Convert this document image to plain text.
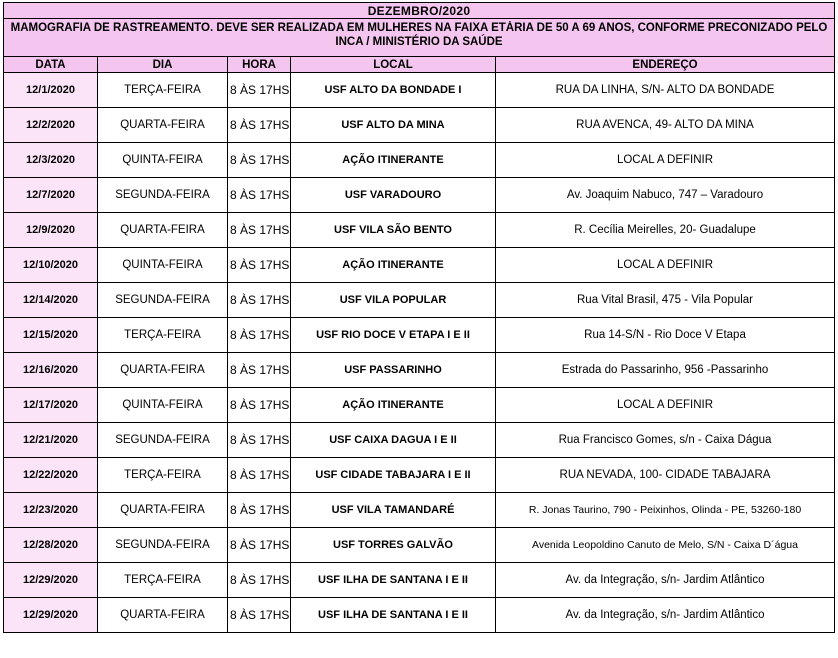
DEZEMBRO/2020				

MAMOGRAFIA DE RASTREAMENTO. DEVE SER REALIZADA EM MULHERES NA FAIXA ETÁRIA DE 50 A 69 ANOS, CONFORME PRECONIZADO PELO INCA / MINISTÉRIO DA SAÚDE				

DATA	DIA	HORA	LOCAL	ENDEREÇO
12/1/2020	TERÇA-FEIRA	8 ÀS 17HS	USF ALTO DA BONDADE I	RUA DA LINHA, S/N- ALTO DA BONDADE
12/2/2020	QUARTA-FEIRA	8 ÀS 17HS	USF ALTO DA MINA	RUA AVENCA, 49- ALTO DA MINA
12/3/2020	QUINTA-FEIRA	8 ÀS 17HS	AÇÃO ITINERANTE	LOCAL A DEFINIR
12/7/2020	SEGUNDA-FEIRA	8 ÀS 17HS	USF VARADOURO	Av. Joaquim Nabuco, 747 – Varadouro
12/9/2020	QUARTA-FEIRA	8 ÀS 17HS	USF VILA SÃO BENTO	R. Cecília Meirelles, 20- Guadalupe
12/10/2020	QUINTA-FEIRA	8 ÀS 17HS	AÇÃO ITINERANTE	LOCAL A DEFINIR
12/14/2020	SEGUNDA-FEIRA	8 ÀS 17HS	USF VILA POPULAR	Rua Vital Brasil, 475 - Vila Popular
12/15/2020	TERÇA-FEIRA	8 ÀS 17HS	USF RIO DOCE V ETAPA I E II	Rua 14-S/N - Rio Doce V Etapa
12/16/2020	QUARTA-FEIRA	8 ÀS 17HS	USF PASSARINHO	Estrada do Passarinho, 956 -Passarinho
12/17/2020	QUINTA-FEIRA	8 ÀS 17HS	AÇÃO ITINERANTE	LOCAL A DEFINIR
12/21/2020	SEGUNDA-FEIRA	8 ÀS 17HS	USF CAIXA DAGUA I E II	Rua Francisco Gomes, s/n - Caixa Dágua
12/22/2020	TERÇA-FEIRA	8 ÀS 17HS	USF CIDADE TABAJARA I E II	RUA NEVADA, 100- CIDADE TABAJARA
12/23/2020	QUARTA-FEIRA	8 ÀS 17HS	USF VILA TAMANDARÉ	R. Jonas Taurino, 790 - Peixinhos, Olinda - PE, 53260-180
12/28/2020	SEGUNDA-FEIRA	8 ÀS 17HS	USF TORRES GALVÃO	Avenida Leopoldino Canuto de Melo, S/N - Caixa D´água
12/29/2020	TERÇA-FEIRA	8 ÀS 17HS	USF ILHA DE SANTANA I E II	Av. da Integração, s/n- Jardim Atlântico
12/29/2020	QUARTA-FEIRA	8 ÀS 17HS	USF ILHA DE SANTANA I E II	Av. da Integração, s/n- Jardim Atlântico
